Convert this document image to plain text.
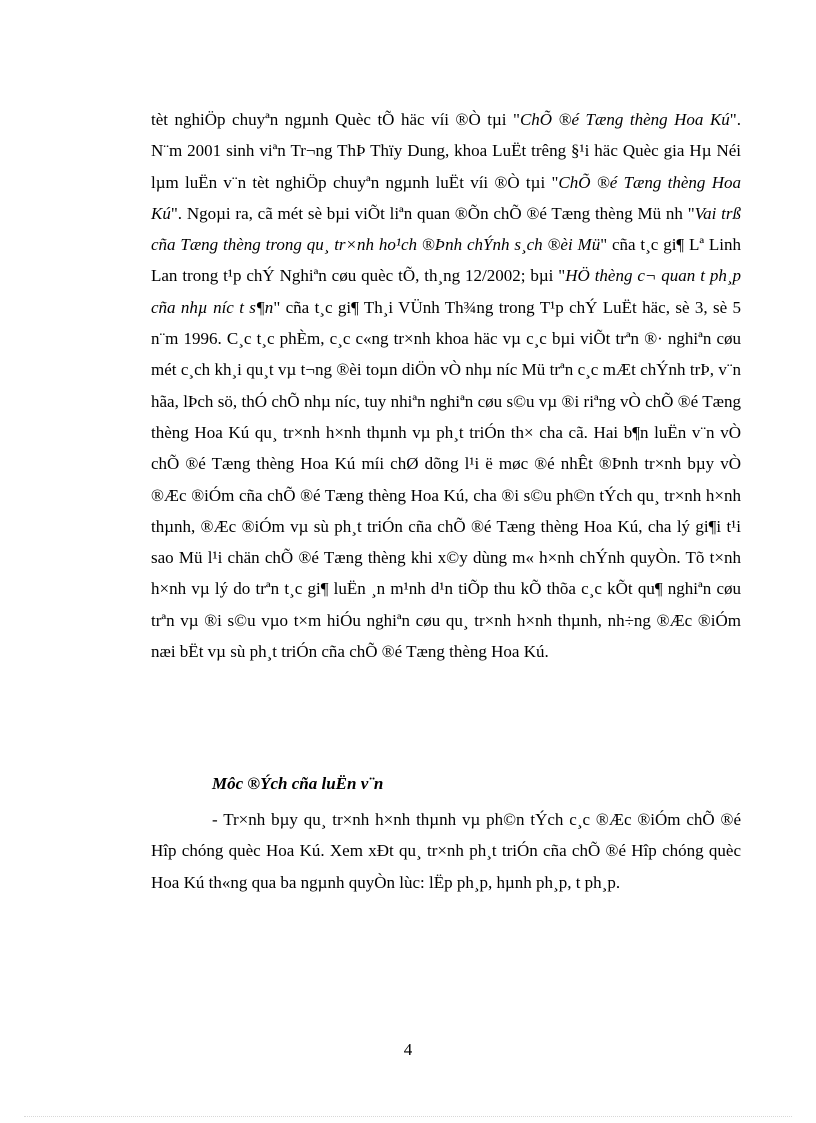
tèt nghiÖp chuyªn ngµnh Quèc tÕ häc víi ®Ò tµi "ChÕ ®é Tæng thèng Hoa Kú". N¨m 2001 sinh viªn Tr¬ng ThÞ Thïy Dung, khoa LuËt trêng §¹i häc Quèc gia Hµ Néi lµm luËn v¨n tèt nghiÖp chuyªn ngµnh luËt víi ®Ò tµi "ChÕ ®é Tæng thèng Hoa Kú". Ngoµi ra, cã mét sè bµi viÕt liªn quan ®Õn chÕ ®é Tæng thèng Mü nh "Vai trß cña Tæng thèng trong qu¸ tr×nh ho¹ch ®Þnh chÝnh s¸ch ®èi Mü" cña t¸c gi¶ Lª Linh Lan trong t¹p chÝ Nghiªn cøu quèc tÕ, th¸ng 12/2002; bµi "HÖ thèng c¬ quan t ph¸p cña nhµ níc t s¶n" cña t¸c gi¶ Th¸i VÜnh Th¾ng trong T¹p chÝ LuËt häc, sè 3, sè 5 n¨m 1996. C¸c t¸c phÈm, c¸c c«ng tr×nh khoa häc vµ c¸c bµi viÕt trªn ®· nghiªn cøu mét c¸ch kh¸i qu¸t vµ t¬ng ®èi toµn diÖn vÒ nhµ níc Mü trªn c¸c mÆt chÝnh trÞ, v¨n hãa, lÞch sö, thÓ chÕ nhµ níc, tuy nhiªn nghiªn cøu s©u vµ ®i riªng vÒ chÕ ®é Tæng thèng Hoa Kú qu¸ tr×nh h×nh thµnh vµ ph¸t triÓn th× cha cã. Hai b¶n luËn v¨n vÒ chÕ ®é Tæng thèng Hoa Kú míi chØ dõng l¹i ë møc ®é nhÊt ®Þnh tr×nh bµy vÒ ®Æc ®iÓm cña chÕ ®é Tæng thèng Hoa Kú, cha ®i s©u ph©n tÝch qu¸ tr×nh h×nh thµnh, ®Æc ®iÓm vµ sù ph¸t triÓn cña chÕ ®é Tæng thèng Hoa Kú, cha lý gi¶i t¹i sao Mü l¹i chän chÕ ®é Tæng thèng khi x©y dùng m« h×nh chÝnh quyÒn. Tõ t×nh h×nh vµ lý do trªn t¸c gi¶ luËn ¸n m¹nh d¹n tiÕp thu kÕ thõa c¸c kÕt qu¶ nghiªn cøu trªn vµ ®i s©u vµo t×m hiÓu nghiªn cøu qu¸ tr×nh h×nh thµnh, nh÷ng ®Æc ®iÓm næi bËt vµ sù ph¸t triÓn cña chÕ ®é Tæng thèng Hoa Kú.

Môc ®Ých cña luËn v¨n

- Tr×nh bµy qu¸ tr×nh h×nh thµnh vµ ph©n tÝch c¸c ®Æc ®iÓm chÕ ®é Hîp chóng quèc Hoa Kú. Xem xÐt qu¸ tr×nh ph¸t triÓn cña chÕ ®é Hîp chóng quèc Hoa Kú th«ng qua ba ngµnh quyÒn lùc: lËp ph¸p, hµnh ph¸p, t ph¸p.

4
